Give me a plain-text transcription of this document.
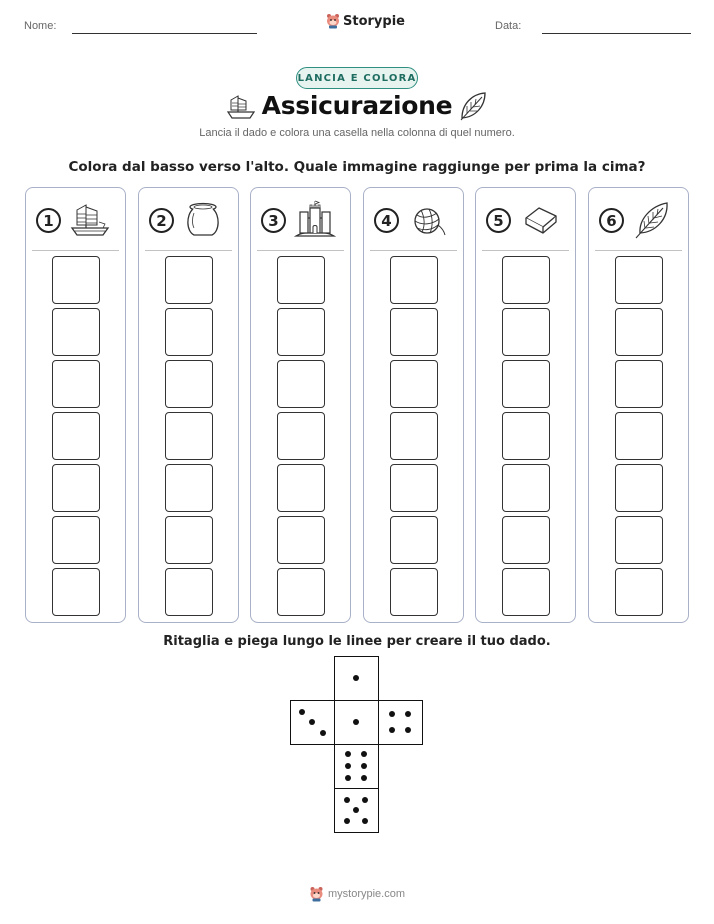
Nome:	Storypie	Data:
LANCIA E COLORA
Assicurazione
Lancia il dado e colora una casella nella colonna di quel numero.
Colora dal basso verso l'alto. Quale immagine raggiunge per prima la cima?
1	2	3	4	5	6
Ritaglia e piega lungo le linee per creare il tuo dado.
mystorypie.com
